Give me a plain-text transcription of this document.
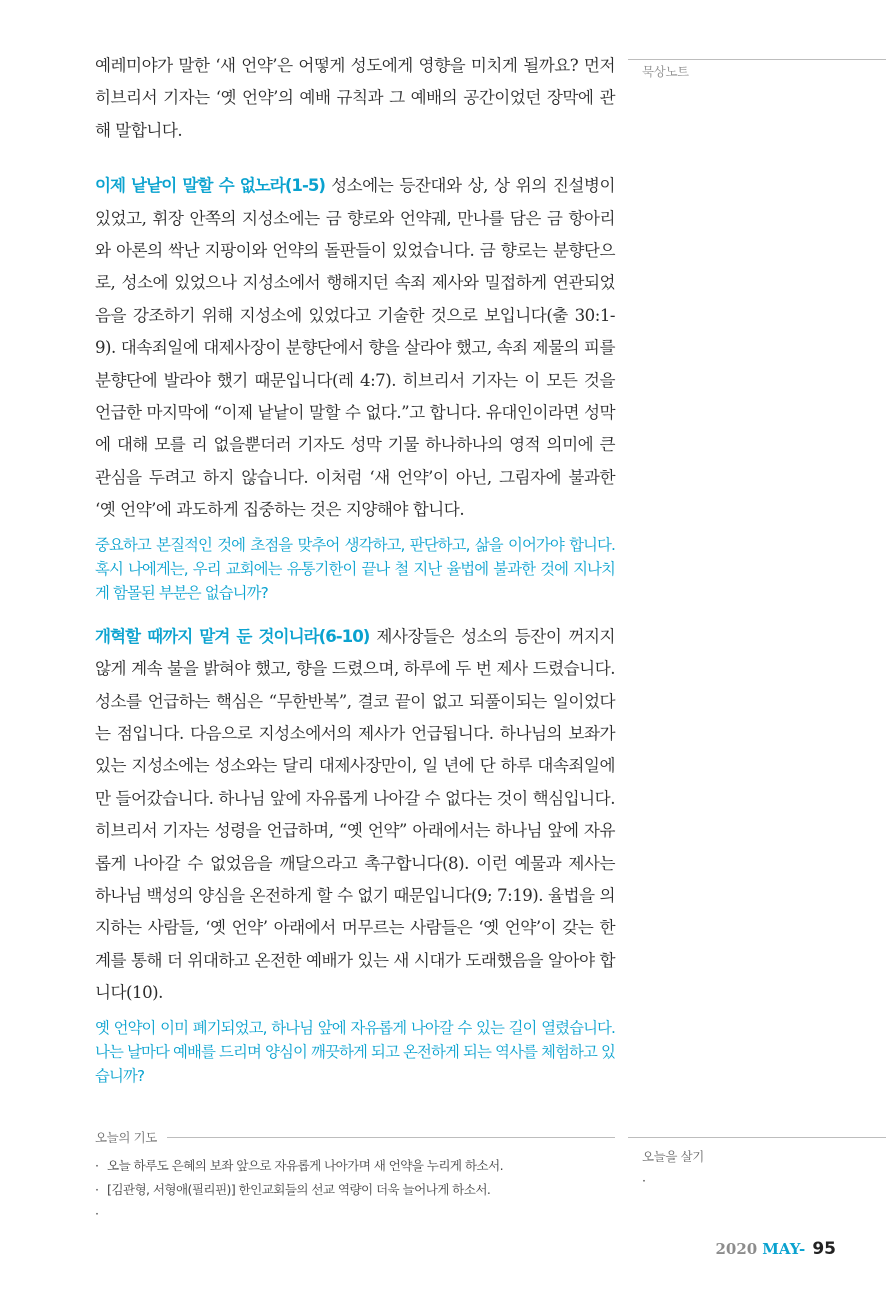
묵상노트

예레미야가 말한 ‘새 언약’은 어떻게 성도에게 영향을 미치게 될까요? 먼저 히브리서 기자는 ‘옛 언약’의 예배 규칙과 그 예배의 공간이었던 장막에 관해 말합니다.

이제 낱낱이 말할 수 없노라(1-5) 성소에는 등잔대와 상, 상 위의 진설병이 있었고, 휘장 안쪽의 지성소에는 금 향로와 언약궤, 만나를 담은 금 항아리와 아론의 싹난 지팡이와 언약의 돌판들이 있었습니다. 금 향로는 분향단으로, 성소에 있었으나 지성소에서 행해지던 속죄 제사와 밀접하게 연관되었음을 강조하기 위해 지성소에 있었다고 기술한 것으로 보입니다(출 30:1-9). 대속죄일에 대제사장이 분향단에서 향을 살라야 했고, 속죄 제물의 피를 분향단에 발라야 했기 때문입니다(레 4:7). 히브리서 기자는 이 모든 것을 언급한 마지막에 “이제 낱낱이 말할 수 없다.”고 합니다. 유대인이라면 성막에 대해 모를 리 없을뿐더러 기자도 성막 기물 하나하나의 영적 의미에 큰 관심을 두려고 하지 않습니다. 이처럼 ‘새 언약’이 아닌, 그림자에 불과한 ‘옛 언약’에 과도하게 집중하는 것은 지양해야 합니다.

중요하고 본질적인 것에 초점을 맞추어 생각하고, 판단하고, 삶을 이어가야 합니다. 혹시 나에게는, 우리 교회에는 유통기한이 끝나 철 지난 율법에 불과한 것에 지나치게 함몰된 부분은 없습니까?

개혁할 때까지 맡겨 둔 것이니라(6-10) 제사장들은 성소의 등잔이 꺼지지 않게 계속 불을 밝혀야 했고, 향을 드렸으며, 하루에 두 번 제사 드렸습니다. 성소를 언급하는 핵심은 “무한반복”, 결코 끝이 없고 되풀이되는 일이었다는 점입니다. 다음으로 지성소에서의 제사가 언급됩니다. 하나님의 보좌가 있는 지성소에는 성소와는 달리 대제사장만이, 일 년에 단 하루 대속죄일에만 들어갔습니다. 하나님 앞에 자유롭게 나아갈 수 없다는 것이 핵심입니다. 히브리서 기자는 성령을 언급하며, “옛 언약” 아래에서는 하나님 앞에 자유롭게 나아갈 수 없었음을 깨달으라고 촉구합니다(8). 이런 예물과 제사는 하나님 백성의 양심을 온전하게 할 수 없기 때문입니다(9; 7:19). 율법을 의지하는 사람들, ‘옛 언약’ 아래에서 머무르는 사람들은 ‘옛 언약’이 갖는 한계를 통해 더 위대하고 온전한 예배가 있는 새 시대가 도래했음을 알아야 합니다(10).

옛 언약이 이미 폐기되었고, 하나님 앞에 자유롭게 나아갈 수 있는 길이 열렸습니다. 나는 날마다 예배를 드리며 양심이 깨끗하게 되고 온전하게 되는 역사를 체험하고 있습니까?

오늘의 기도
· 오늘 하루도 은혜의 보좌 앞으로 자유롭게 나아가며 새 언약을 누리게 하소서.
· [김관형, 서형애(필리핀)] 한인교회들의 선교 역량이 더욱 늘어나게 하소서.
·
오늘을 살기
·
2020 MAY- 95
